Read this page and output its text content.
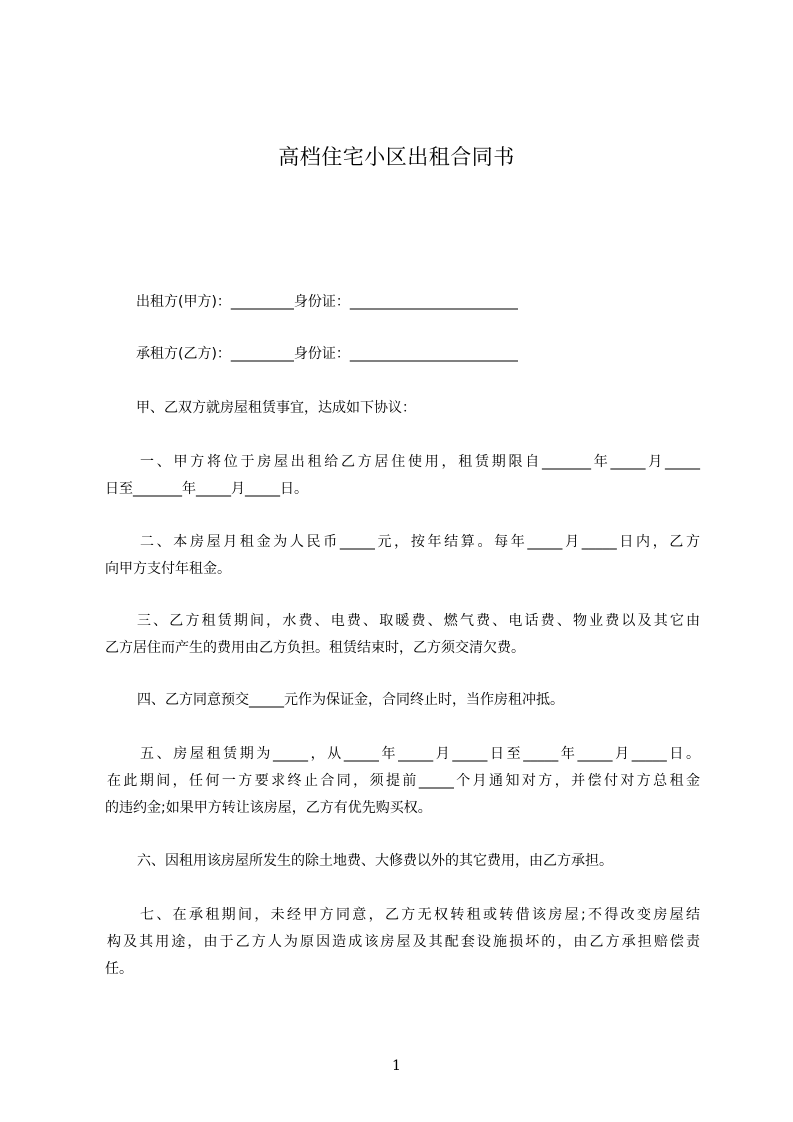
高档住宅小区出租合同书
出租方(甲方)：_________身份证：________________________
承租方(乙方)：_________身份证：________________________
甲、乙双方就房屋租赁事宜，达成如下协议：
一、甲方将位于房屋出租给乙方居住使用，租赁期限自_______年_____月_____
日至_______年_____月_____日。
二、本房屋月租金为人民币_____元，按年结算。每年_____月_____日内，乙方
向甲方支付年租金。
三、乙方租赁期间，水费、电费、取暖费、燃气费、电话费、物业费以及其它由
乙方居住而产生的费用由乙方负担。租赁结束时，乙方须交清欠费。
四、乙方同意预交_____元作为保证金，合同终止时，当作房租冲抵。
五、房屋租赁期为_____，从_____年_____月_____日至_____年_____月_____日。
在此期间，任何一方要求终止合同，须提前_____个月通知对方，并偿付对方总租金
的违约金;如果甲方转让该房屋，乙方有优先购买权。
六、因租用该房屋所发生的除土地费、大修费以外的其它费用，由乙方承担。
七、在承租期间，未经甲方同意，乙方无权转租或转借该房屋;不得改变房屋结
构及其用途，由于乙方人为原因造成该房屋及其配套设施损坏的，由乙方承担赔偿责
任。
1
